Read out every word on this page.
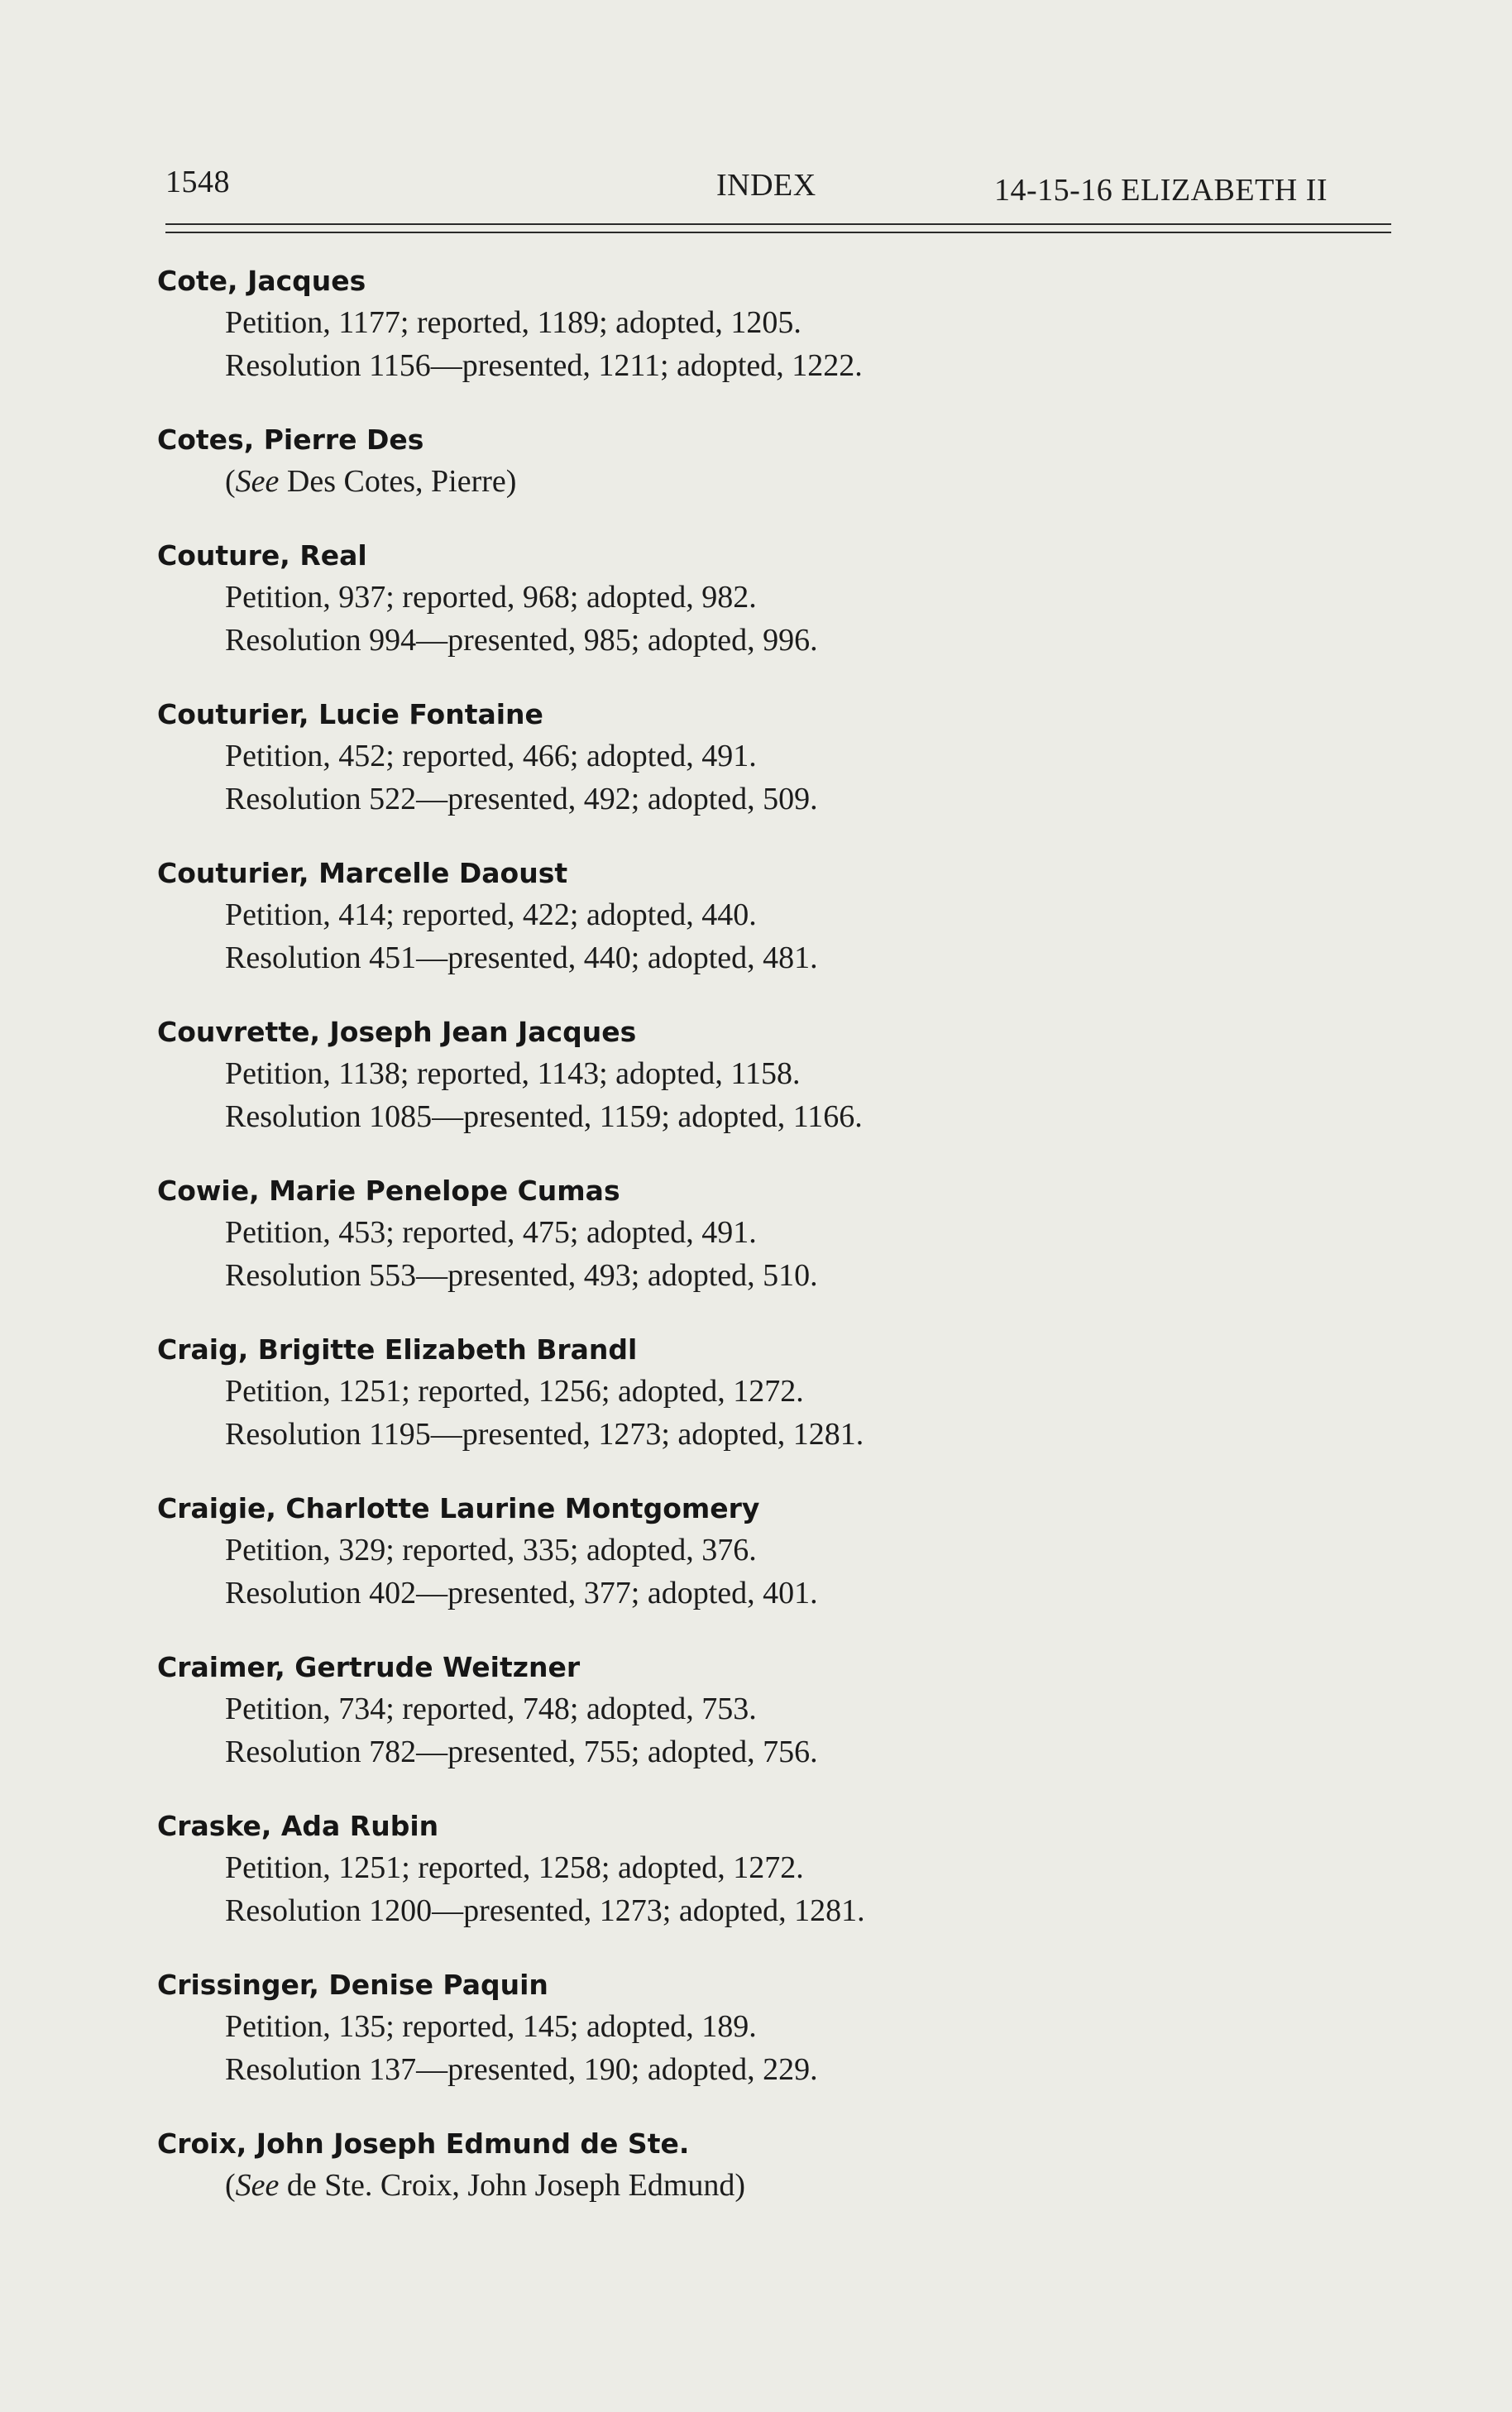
1548	INDEX	14-15-16 ELIZABETH II
Cote, Jacques
Petition, 1177; reported, 1189; adopted, 1205.
Resolution 1156—presented, 1211; adopted, 1222.
Cotes, Pierre Des
(See Des Cotes, Pierre)
Couture, Real
Petition, 937; reported, 968; adopted, 982.
Resolution 994—presented, 985; adopted, 996.
Couturier, Lucie Fontaine
Petition, 452; reported, 466; adopted, 491.
Resolution 522—presented, 492; adopted, 509.
Couturier, Marcelle Daoust
Petition, 414; reported, 422; adopted, 440.
Resolution 451—presented, 440; adopted, 481.
Couvrette, Joseph Jean Jacques
Petition, 1138; reported, 1143; adopted, 1158.
Resolution 1085—presented, 1159; adopted, 1166.
Cowie, Marie Penelope Cumas
Petition, 453; reported, 475; adopted, 491.
Resolution 553—presented, 493; adopted, 510.
Craig, Brigitte Elizabeth Brandl
Petition, 1251; reported, 1256; adopted, 1272.
Resolution 1195—presented, 1273; adopted, 1281.
Craigie, Charlotte Laurine Montgomery
Petition, 329; reported, 335; adopted, 376.
Resolution 402—presented, 377; adopted, 401.
Craimer, Gertrude Weitzner
Petition, 734; reported, 748; adopted, 753.
Resolution 782—presented, 755; adopted, 756.
Craske, Ada Rubin
Petition, 1251; reported, 1258; adopted, 1272.
Resolution 1200—presented, 1273; adopted, 1281.
Crissinger, Denise Paquin
Petition, 135; reported, 145; adopted, 189.
Resolution 137—presented, 190; adopted, 229.
Croix, John Joseph Edmund de Ste.
(See de Ste. Croix, John Joseph Edmund)
